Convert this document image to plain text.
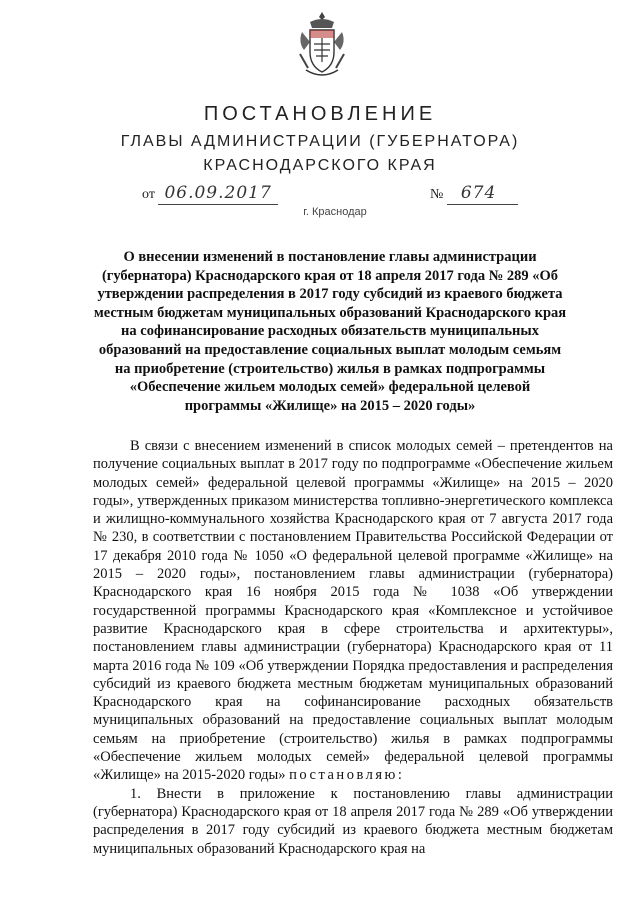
ПОСТАНОВЛЕНИЕ
ГЛАВЫ АДМИНИСТРАЦИИ (ГУБЕРНАТОРА)
КРАСНОДАРСКОГО КРАЯ
от 06.09.2017	№ 674
г. Краснодар
О внесении изменений в постановление главы администрации (губернатора) Краснодарского края от 18 апреля 2017 года № 289 «Об утверждении распределения в 2017 году субсидий из краевого бюджета местным бюджетам муниципальных образований Краснодарского края на софинансирование расходных обязательств муниципальных образований на предоставление социальных выплат молодым семьям на приобретение (строительство) жилья в рамках подпрограммы «Обеспечение жильем молодых семей» федеральной целевой программы «Жилище» на 2015 – 2020 годы»

В связи с внесением изменений в список молодых семей – претендентов на получение социальных выплат в 2017 году по подпрограмме «Обеспечение жильем молодых семей» федеральной целевой программы «Жилище» на 2015 – 2020 годы», утвержденных приказом министерства топливно-энергетического комплекса и жилищно-коммунального хозяйства Краснодарского края от 7 августа 2017 года № 230, в соответствии с постановлением Правительства Российской Федерации от 17 декабря 2010 года № 1050 «О федеральной целевой программе «Жилище» на 2015 – 2020 годы», постановлением главы администрации (губернатора) Краснодарского края 16 ноября 2015 года № 1038 «Об утверждении государственной программы Краснодарского края «Комплексное и устойчивое развитие Краснодарского края в сфере строительства и архитектуры», постановлением главы администрации (губернатора) Краснодарского края от 11 марта 2016 года № 109 «Об утверждении Порядка предоставления и распределения субсидий из краевого бюджета местным бюджетам муниципальных образований Краснодарского края на софинансирование расходных обязательств муниципальных образований на предоставление социальных выплат молодым семьям на приобретение (строительство) жилья в рамках подпрограммы «Обеспечение жильем молодых семей» федеральной целевой программы «Жилище» на 2015-2020 годы» постановляю:

1. Внести в приложение к постановлению главы администрации (губернатора) Краснодарского края от 18 апреля 2017 года № 289 «Об утверждении распределения в 2017 году субсидий из краевого бюджета местным бюджетам муниципальных образований Краснодарского края на
